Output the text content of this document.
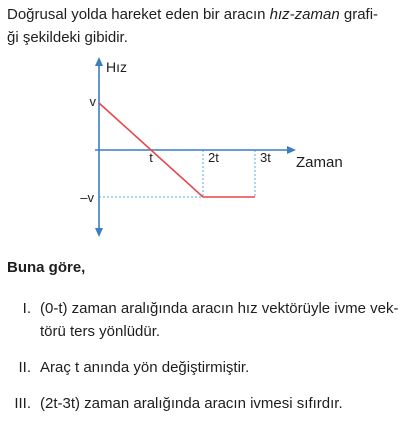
Doğrusal yolda hareket eden bir aracın hız-zaman grafi-

ği şekildeki gibidir.

Hız
Zaman
v
–v
t	2t	3t

Buna göre,

I. (0-t) zaman aralığında aracın hız vektörüyle ivme vek-
törü ters yönlüdür.
II. Araç t anında yön değiştirmiştir.
III. (2t-3t) zaman aralığında aracın ivmesi sıfırdır.
